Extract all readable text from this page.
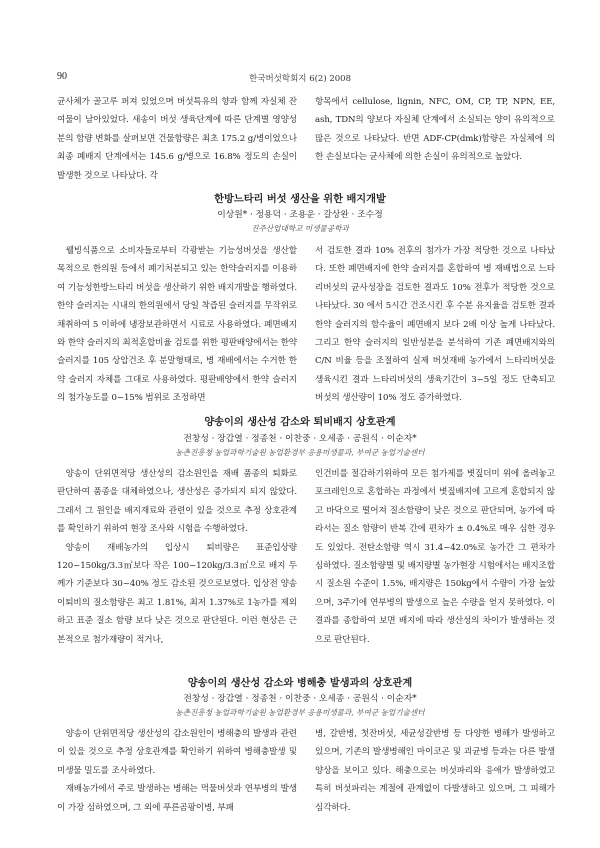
90	한국버섯학회지 6(2) 2008

균사체가 골고루 퍼져 있었으며 버섯특유의 향과 함께 자실체 잔여물이 남아있었다. 새송이 버섯 생육단계에 따른 단계별 영양성분의 함량 변화를 살펴보면 건물함량은 최초 175.2 g/병이었으나 최종 폐배지 단계에서는 145.6 g/병으로 16.8% 정도의 손실이 발생한 것으로 나타났다. 각

항목에서 cellulose, lignin, NFC, OM, CP, TP, NPN, EE, ash, TDN의 양보다 자실체 단계에서 소실되는 양이 유의적으로 많은 것으로 나타났다. 반면 ADF-CP(dmk)함량은 자실체에 의한 손실보다는 균사체에 의한 손실이 유의적으로 높았다.

한방느타리 버섯 생산을 위한 배지개발
이상원* · 정용덕 · 조용운 · 갈상완 · 조수정
진주산업대학교 미생물공학과

웰빙식품으로 소비자들로부터 각광받는 기능성버섯을 생산할 목적으로 한의원 등에서 폐기처분되고 있는 한약슬러지를 이용하여 기능성한방느타리 버섯을 생산하기 위한 배지개발을 행하였다. 한약 슬러지는 시내의 한의원에서 당일 착즙된 슬러지를 무작위로 채취하여 5 이하에 냉장보관하면서 시료로 사용하였다. 폐면배지와 한약 슬러지의 최적혼합비율 검토를 위한 평판배양에서는 한약슬러지를 105 상압건조 후 분말형태로, 병 재배에서는 수거한 한약 슬러지 자체를 그대로 사용하였다. 평판배양에서 한약 슬러지의 첨가농도를 0~15% 범위로 조정하면

서 검토한 결과 10% 전후의 첨가가 가장 적당한 것으로 나타났다. 또한 폐면배지에 한약 슬러지를 혼합하여 병 재배법으로 느타리버섯의 균사성장을 검토한 결과도 10% 전후가 적당한 것으로 나타났다. 30 에서 5시간 건조시킨 후 수분 유지율을 검토한 결과 한약 슬러지의 함수율이 폐면배지 보다 2배 이상 높게 나타났다. 그리고 한약 슬러지의 일반성분을 분석하여 기존 폐면배지와의 C/N 비율 등을 조절하여 실제 버섯재배 농가에서 느타리버섯을 생육시킨 결과 느타리버섯의 생육기간이 3~5일 정도 단축되고 버섯의 생산량이 10% 정도 증가하였다.

양송이의 생산성 감소와 퇴비배지 상호관계
전창성 · 장갑열 · 정종천 · 이찬중 · 오세종 · 공원식 · 이순자*
농촌진흥청 농업과학기술원 농업환경부 응용미생물과, 부여군 농업기술센터

양송이 단위면적당 생산성의 감소원인을 재배 품종의 퇴화로 판단하여 품종을 대체하였으나, 생산성은 증가되지 되지 않았다. 그래서 그 원인을 배지재료와 관련이 있을 것으로 추정 상호관계를 확인하기 위하여 현장 조사와 시험을 수행하였다.

양송이 재배농가의 입상시 퇴비량은 표준입상량 120~150kg/3.3㎡보다 작은 100~120kg/3.3㎡으로 배지 두께가 기준보다 30~40% 정도 감소된 것으로보였다. 입상전 양송이퇴비의 질소함량은 최고 1.81%, 최저 1.37%로 1농가를 제외하고 표준 질소 함량 보다 낮은 것으로 판단된다. 이런 현상은 근본적으로 첨가재량이 적거나,

인건비를 절감하기위하여 모든 첨가제를 볏짚더미 위에 올려놓고 포크레인으로 혼합하는 과정에서 볏짚배지에 고르게 혼합되지 않고 바닥으로 떨어져 질소함량이 낮은 것으로 판단되며, 농가에 따라서는 질소 함량이 반복 간에 편차가 ± 0.4%로 매우 심한 경우도 있었다. 전탄소함량 역시 31.4~42.0%로 농가간 그 편차가 심하였다. 질소함량별 및 배지량별 농가현장 시험에서는 배지조합시 질소원 수준이 1.5%, 배지량은 150kg에서 수량이 가장 높았으며, 3주기에 연부병의 발생으로 높은 수량을 얻지 못하였다. 이 결과를 종합하여 보면 배지에 따라 생산성의 차이가 발생하는 것으로 판단된다.

양송이의 생산성 감소와 병해충 발생과의 상호관계
전창성 · 장갑열 · 정종천 · 이찬중 · 오세종 · 공원식 · 이순자*
농촌진흥청 농업과학기술원 농업환경부 응용미생물과, 부여군 농업기술센터

양송이 단위면적당 생산성의 감소원인이 병해충의 발생과 관련이 있을 것으로 추정 상호관계를 확인하기 위하여 병해충발생 및 미생물 밀도를 조사하였다.

재배농가에서 주로 발생하는 병해는 먹물버섯과 연부병의 발생이 가장 심하였으며, 그 외에 푸른곰팡이병, 부패

병, 갈반병, 첫잔버섯, 세균성갈반병 등 다양한 병해가 발생하고 있으며, 기존의 발생병해인 마이코곤 및 괴균병 등과는 다른 발생양상을 보이고 있다. 해충으로는 버섯파리와 응애가 발생하였고 특히 버섯파리는 계절에 관계없이 다발생하고 있으며, 그 피해가 심각하다.
